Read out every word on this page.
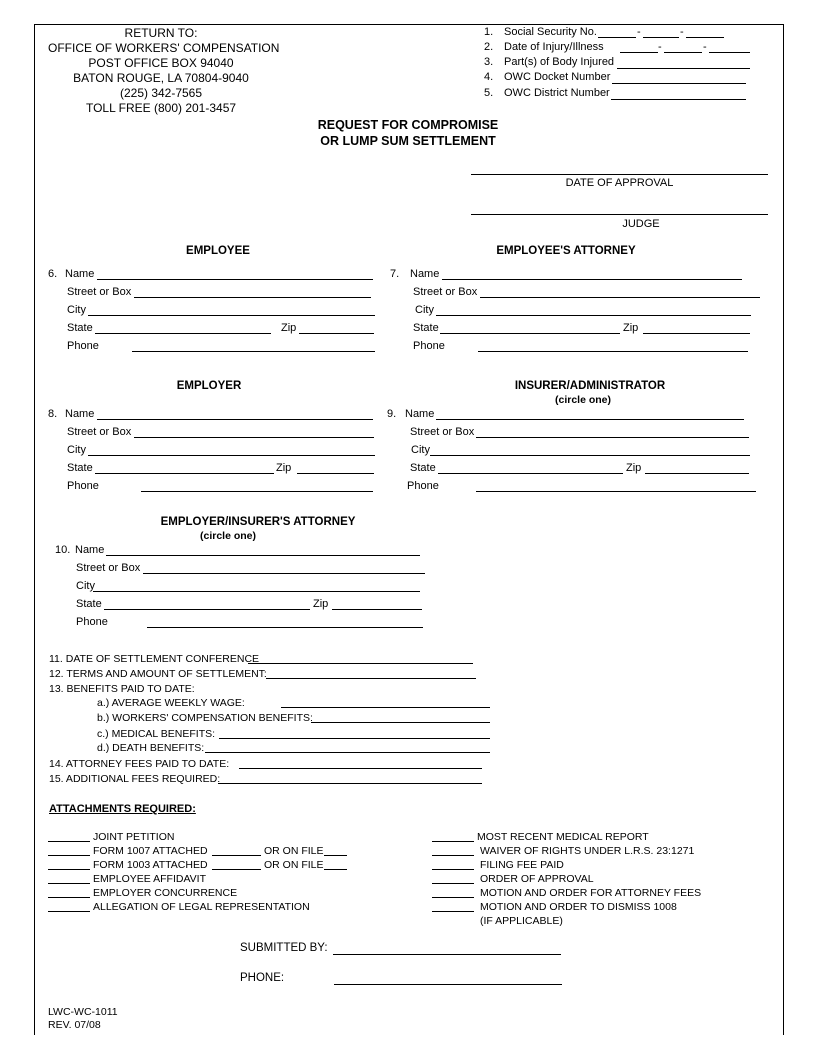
RETURN TO:
OFFICE OF WORKERS' COMPENSATION
POST OFFICE BOX 94040
BATON ROUGE, LA 70804-9040
(225) 342-7565
TOLL FREE (800) 201-3457
1. Social Security No.	-	-
2. Date of Injury/Illness	-	-
3. Part(s) of Body Injured
4. OWC Docket Number
5. OWC District Number
REQUEST FOR COMPROMISE
OR LUMP SUM SETTLEMENT
DATE OF APPROVAL
JUDGE
EMPLOYEE
6. Name
Street or Box
City
State	Zip
Phone
EMPLOYEE'S ATTORNEY
7. Name
Street or Box
City
State	Zip
Phone
EMPLOYER
8. Name
Street or Box
City
State	Zip
Phone
INSURER/ADMINISTRATOR
(circle one)
9. Name
Street or Box
City
State	Zip
Phone
EMPLOYER/INSURER'S ATTORNEY
(circle one)
10. Name
Street or Box
City
State	Zip
Phone
11. DATE OF SETTLEMENT CONFERENCE
12. TERMS AND AMOUNT OF SETTLEMENT:
13. BENEFITS PAID TO DATE:
a.) AVERAGE WEEKLY WAGE:
b.) WORKERS' COMPENSATION BENEFITS:
c.) MEDICAL BENEFITS:
d.) DEATH BENEFITS:
14. ATTORNEY FEES PAID TO DATE:
15. ADDITIONAL FEES REQUIRED:
ATTACHMENTS REQUIRED:
JOINT PETITION
FORM 1007 ATTACHED	OR ON FILE
FORM 1003 ATTACHED	OR ON FILE
EMPLOYEE AFFIDAVIT
EMPLOYER CONCURRENCE
ALLEGATION OF LEGAL REPRESENTATION
MOST RECENT MEDICAL REPORT
WAIVER OF RIGHTS UNDER L.R.S. 23:1271
FILING FEE PAID
ORDER OF APPROVAL
MOTION AND ORDER FOR ATTORNEY FEES
MOTION AND ORDER TO DISMISS 1008
(IF APPLICABLE)
SUBMITTED BY:
PHONE:
LWC-WC-1011
REV. 07/08
